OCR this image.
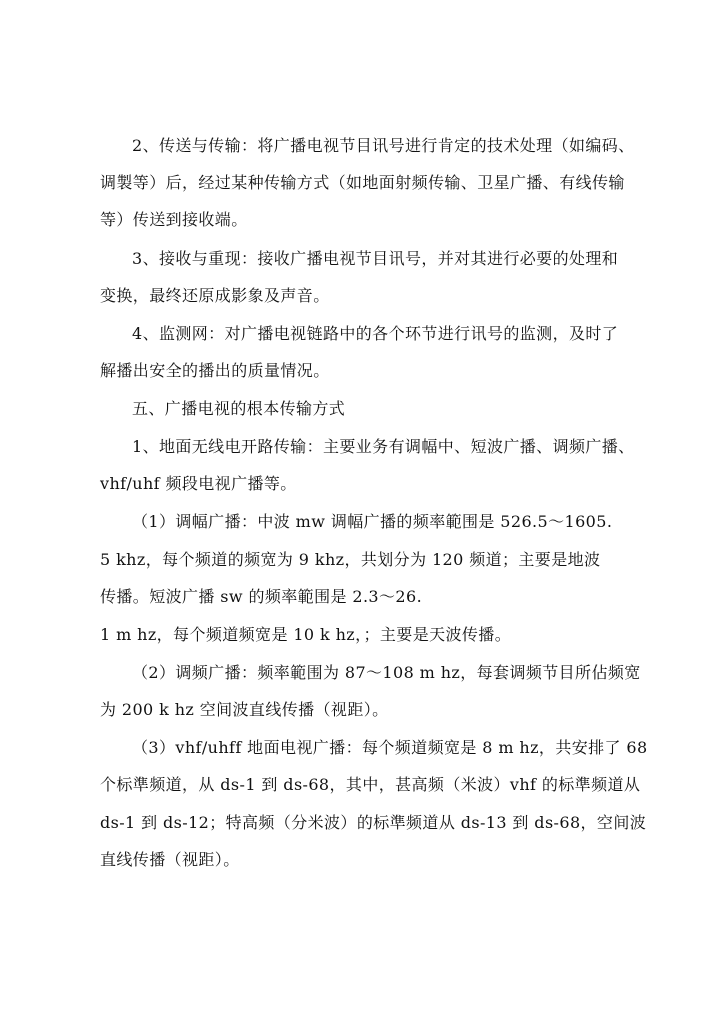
2、传送与传输：将广播电视节目讯号进行肯定的技术处理（如编码、
调製等）后，经过某种传输方式（如地面射频传输、卫星广播、有线传输
等）传送到接收端。
3、接收与重现：接收广播电视节目讯号，并对其进行必要的处理和
变换，最终还原成影象及声音。
4、监测网：对广播电视链路中的各个环节进行讯号的监测，及时了
解播出安全的播出的质量情况。
五、广播电视的根本传输方式
1、地面无线电开路传输：主要业务有调幅中、短波广播、调频广播、
vhf/uhf 频段电视广播等。
（1）调幅广播：中波 mw 调幅广播的频率範围是 526.5～1605.
5 khz，每个频道的频宽为 9 khz，共划分为 120 频道；主要是地波
传播。短波广播 sw 的频率範围是 2.3～26.
1 m hz，每个频道频宽是 10 k hz，；主要是天波传播。
（2）调频广播：频率範围为 87～108 m hz，每套调频节目所佔频宽
为 200 k hz 空间波直线传播（视距）。
（3）vhf/uhff 地面电视广播：每个频道频宽是 8 m hz，共安排了 68
个标準频道，从 ds-1 到 ds-68，其中，甚高频（米波）vhf 的标準频道从
ds-1 到 ds-12；特高频（分米波）的标準频道从 ds-13 到 ds-68，空间波
直线传播（视距）。
